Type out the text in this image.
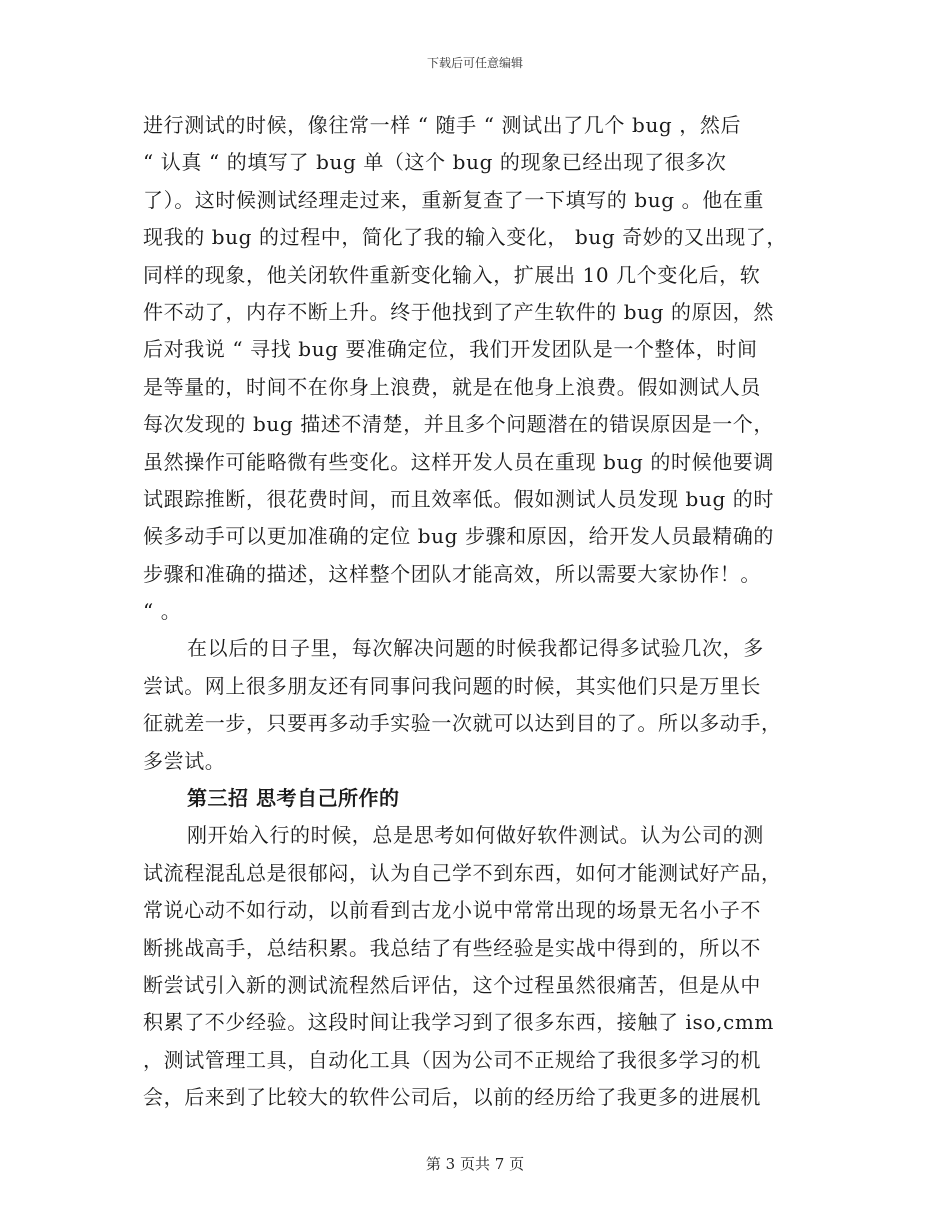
下载后可任意编辑
进行测试的时候，像往常一样 “ 随手 “ 测试出了几个 bug ，然后
“ 认真 “ 的填写了 bug 单（这个 bug 的现象已经出现了很多次
了）。这时候测试经理走过来，重新复查了一下填写的 bug 。他在重
现我的 bug 的过程中，简化了我的输入变化， bug 奇妙的又出现了，
同样的现象，他关闭软件重新变化输入，扩展出 10 几个变化后，软
件不动了，内存不断上升。终于他找到了产生软件的 bug 的原因，然
后对我说 “ 寻找 bug 要准确定位，我们开发团队是一个整体，时间
是等量的，时间不在你身上浪费，就是在他身上浪费。假如测试人员
每次发现的 bug 描述不清楚，并且多个问题潜在的错误原因是一个，
虽然操作可能略微有些变化。这样开发人员在重现 bug 的时候他要调
试跟踪推断，很花费时间，而且效率低。假如测试人员发现 bug 的时
候多动手可以更加准确的定位 bug 步骤和原因，给开发人员最精确的
步骤和准确的描述，这样整个团队才能高效，所以需要大家协作！。
“ 。
在以后的日子里，每次解决问题的时候我都记得多试验几次，多
尝试。网上很多朋友还有同事问我问题的时候，其实他们只是万里长
征就差一步，只要再多动手实验一次就可以达到目的了。所以多动手，
多尝试。
第三招 思考自己所作的
刚开始入行的时候，总是思考如何做好软件测试。认为公司的测
试流程混乱总是很郁闷，认为自己学不到东西，如何才能测试好产品，
常说心动不如行动，以前看到古龙小说中常常出现的场景无名小子不
断挑战高手，总结积累。我总结了有些经验是实战中得到的，所以不
断尝试引入新的测试流程然后评估，这个过程虽然很痛苦，但是从中
积累了不少经验。这段时间让我学习到了很多东西，接触了 iso,cmm
，测试管理工具，自动化工具（因为公司不正规给了我很多学习的机
会，后来到了比较大的软件公司后，以前的经历给了我更多的进展机
第 3 页共 7 页
